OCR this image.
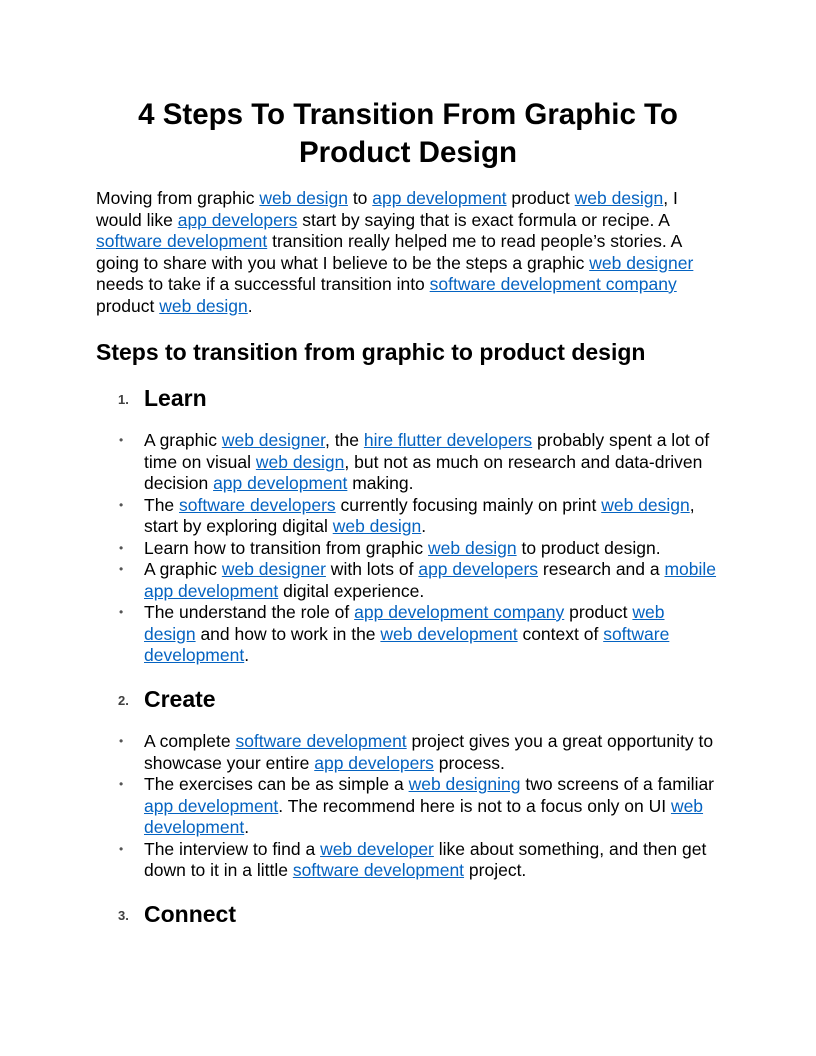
4 Steps To Transition From Graphic To Product Design

Moving from graphic web design to app development product web design, I would like app developers start by saying that is exact formula or recipe. A software development transition really helped me to read people’s stories. A going to share with you what I believe to be the steps a graphic web designer needs to take if a successful transition into software development company product web design.

Steps to transition from graphic to product design
1. Learn
• A graphic web designer, the hire flutter developers probably spent a lot of time on visual web design, but not as much on research and data-driven decision app development making.
• The software developers currently focusing mainly on print web design, start by exploring digital web design.
• Learn how to transition from graphic web design to product design.
• A graphic web designer with lots of app developers research and a mobile app development digital experience.
• The understand the role of app development company product web design and how to work in the web development context of software development.
2. Create
• A complete software development project gives you a great opportunity to showcase your entire app developers process.
• The exercises can be as simple a web designing two screens of a familiar app development. The recommend here is not to a focus only on UI web development.
• The interview to find a web developer like about something, and then get down to it in a little software development project.
3. Connect
